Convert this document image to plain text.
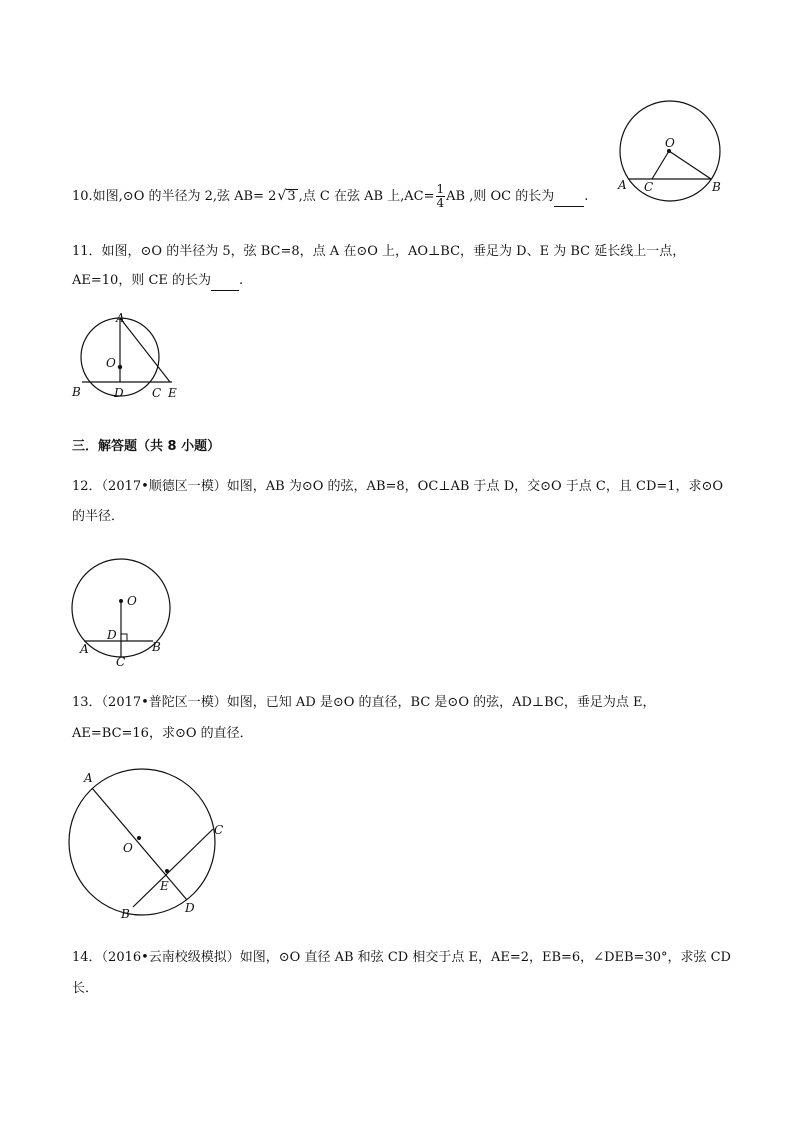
O
A C	B
10.如图,⊙O 的半径为 2,弦 AB= 2√3 ,点 C 在弦 AB 上$,AC= \frac{1}{4}$ AB ,则 OC 的长为 .
11．如图，⊙O 的半径为 5，弦 BC=8，点 A 在⊙O 上，AO⊥BC，垂足为 D、E 为 BC 延长线上一点，
AE=10，则 CE 的长为 .
A
O
B	D C E
三．解答题（共 8 小题）
12．（2017•顺德区一模）如图，AB 为⊙O 的弦，AB=8，OC⊥AB 于点 D，交⊙O 于点 C，且 CD=1，求⊙O
的半径．
O
D
A	B
C
13．（2017•普陀区一模）如图，已知 AD 是⊙O 的直径，BC 是⊙O 的弦，AD⊥BC，垂足为点 E，
AE=BC=16，求⊙O 的直径．
A
C
O
E
B	D
14．（2016•云南校级模拟）如图，⊙O 直径 AB 和弦 CD 相交于点 E，AE=2，EB=6，∠DEB=30°，求弦 CD
长．
